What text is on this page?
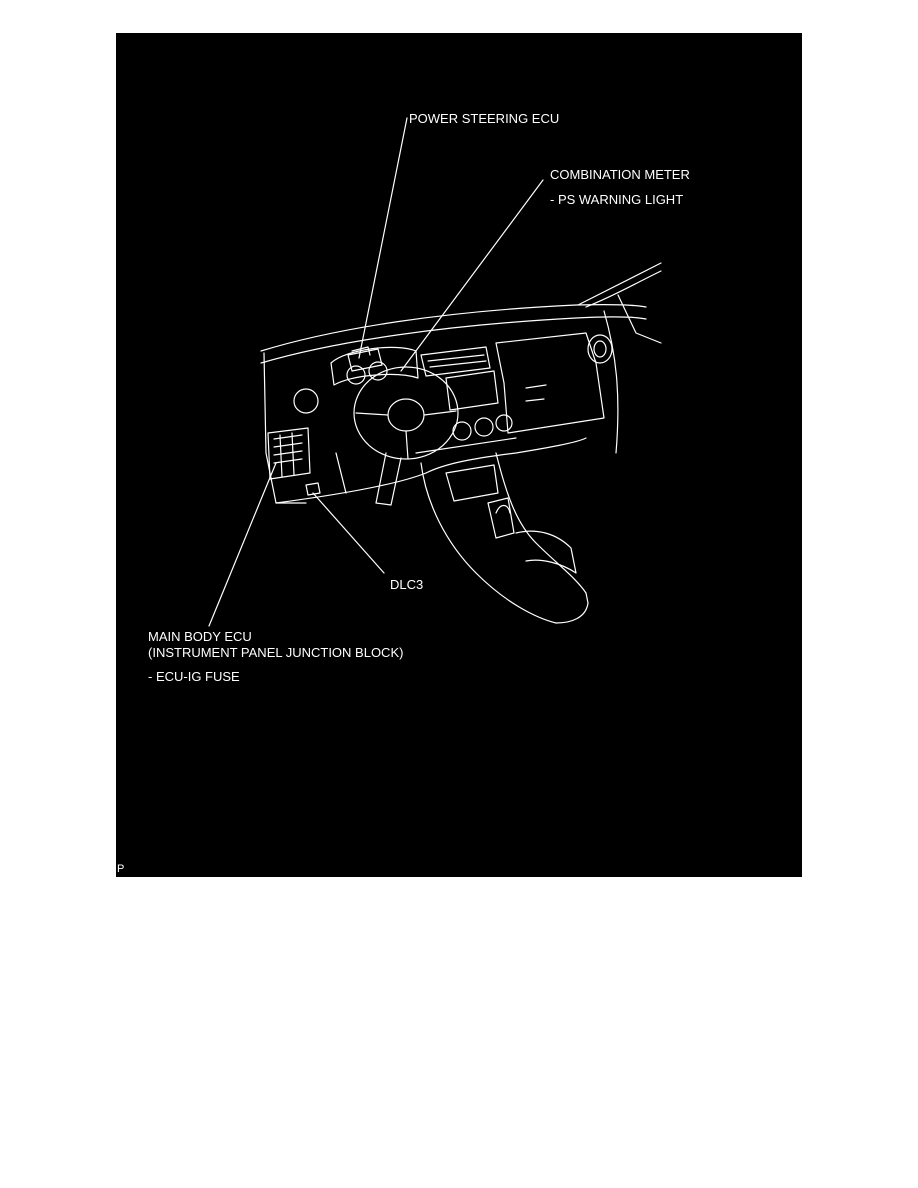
POWER STEERING ECU
COMBINATION METER
- PS WARNING LIGHT
DLC3
MAIN BODY ECU
(INSTRUMENT PANEL JUNCTION BLOCK)
- ECU-IG FUSE
P
